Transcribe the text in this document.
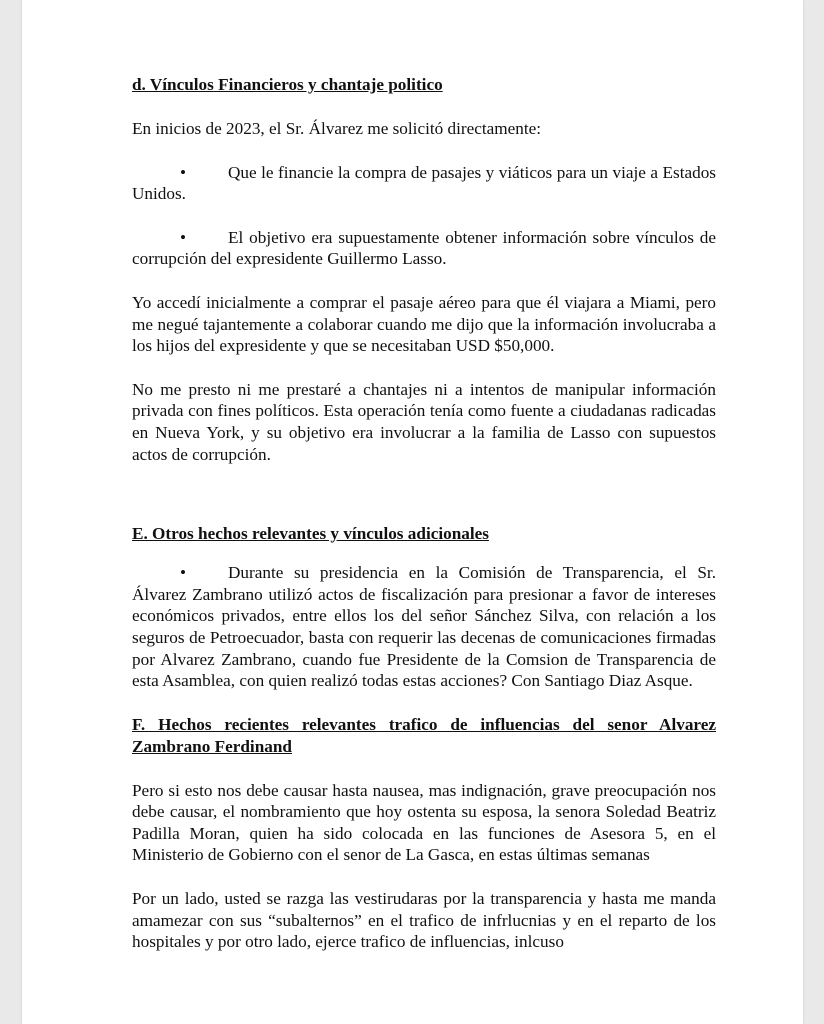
d. Vínculos Financieros y chantaje politico

En inicios de 2023, el Sr. Álvarez me solicitó directamente:

• Que le financie la compra de pasajes y viáticos para un viaje a Estados Unidos.

• El objetivo era supuestamente obtener información sobre vínculos de corrupción del expresidente Guillermo Lasso.

Yo accedí inicialmente a comprar el pasaje aéreo para que él viajara a Miami, pero me negué tajantemente a colaborar cuando me dijo que la información involucraba a los hijos del expresidente y que se necesitaban USD $50,000.

No me presto ni me prestaré a chantajes ni a intentos de manipular información privada con fines políticos. Esta operación tenía como fuente a ciudadanas radicadas en Nueva York, y su objetivo era involucrar a la familia de Lasso con supuestos actos de corrupción.

E. Otros hechos relevantes y vínculos adicionales

• Durante su presidencia en la Comisión de Transparencia, el Sr. Álvarez Zambrano utilizó actos de fiscalización para presionar a favor de intereses económicos privados, entre ellos los del señor Sánchez Silva, con relación a los seguros de Petroecuador, basta con requerir las decenas de comunicaciones firmadas por Alvarez Zambrano, cuando fue Presidente de la Comsion de Transparencia de esta Asamblea, con quien realizó todas estas acciones? Con Santiago Diaz Asque.

F. Hechos recientes relevantes trafico de influencias del senor Alvarez Zambrano Ferdinand

Pero si esto nos debe causar hasta nausea, mas indignación, grave preocupación nos debe causar, el nombramiento que hoy ostenta su esposa, la senora Soledad Beatriz Padilla Moran, quien ha sido colocada en las funciones de Asesora 5, en el Ministerio de Gobierno con el senor de La Gasca, en estas últimas semanas

Por un lado, usted se razga las vestirudaras por la transparencia y hasta me manda amamezar con sus “subalternos” en el trafico de infrlucnias y en el reparto de los hospitales y por otro lado, ejerce trafico de influencias, inlcuso
